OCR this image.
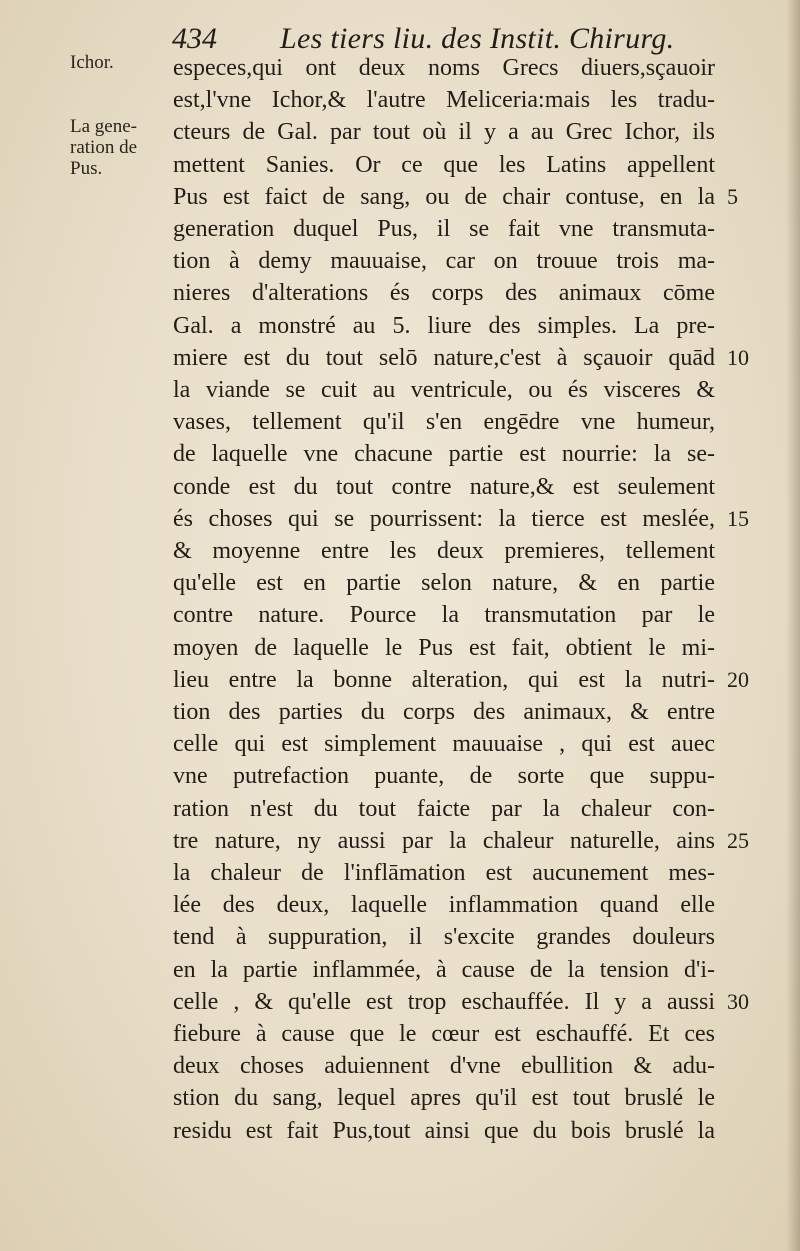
434 Les tiers liu. des Instit. Chirurg.
Ichor.
La gene-ration de Pus.
especes,qui ont deux noms Grecs diuers,sçauoir
est,l'vne Ichor,& l'autre Meliceria:mais les tradu-
cteurs de Gal. par tout où il y a au Grec Ichor, ils
mettent Sanies. Or ce que les Latins appellent
Pus est faict de sang, ou de chair contuse, en la
generation duquel Pus, il se fait vne transmuta-
tion à demy mauuaise, car on trouue trois ma-
nieres d'alterations és corps des animaux cōme
Gal. a monstré au 5. liure des simples. La pre-
miere est du tout selō nature,c'est à sçauoir quād
la viande se cuit au ventricule, ou és visceres &
vases, tellement qu'il s'en engēdre vne humeur,
de laquelle vne chacune partie est nourrie: la se-
conde est du tout contre nature,& est seulement
és choses qui se pourrissent: la tierce est meslée,
& moyenne entre les deux premieres, tellement
qu'elle est en partie selon nature, & en partie
contre nature. Pource la transmutation par le
moyen de laquelle le Pus est fait, obtient le mi-
lieu entre la bonne alteration, qui est la nutri-
tion des parties du corps des animaux, & entre
celle qui est simplement mauuaise , qui est auec
vne putrefaction puante, de sorte que suppu-
ration n'est du tout faicte par la chaleur con-
tre nature, ny aussi par la chaleur naturelle, ains
la chaleur de l'inflāmation est aucunement mes-
lée des deux, laquelle inflammation quand elle
tend à suppuration, il s'excite grandes douleurs
en la partie inflammée, à cause de la tension d'i-
celle , & qu'elle est trop eschauffée. Il y a aussi
fiebure à cause que le cœur est eschauffé. Et ces
deux choses aduiennent d'vne ebullition & adu-
stion du sang, lequel apres qu'il est tout bruslé le
residu est fait Pus,tout ainsi que du bois bruslé la
5
10
15
20
25
30
